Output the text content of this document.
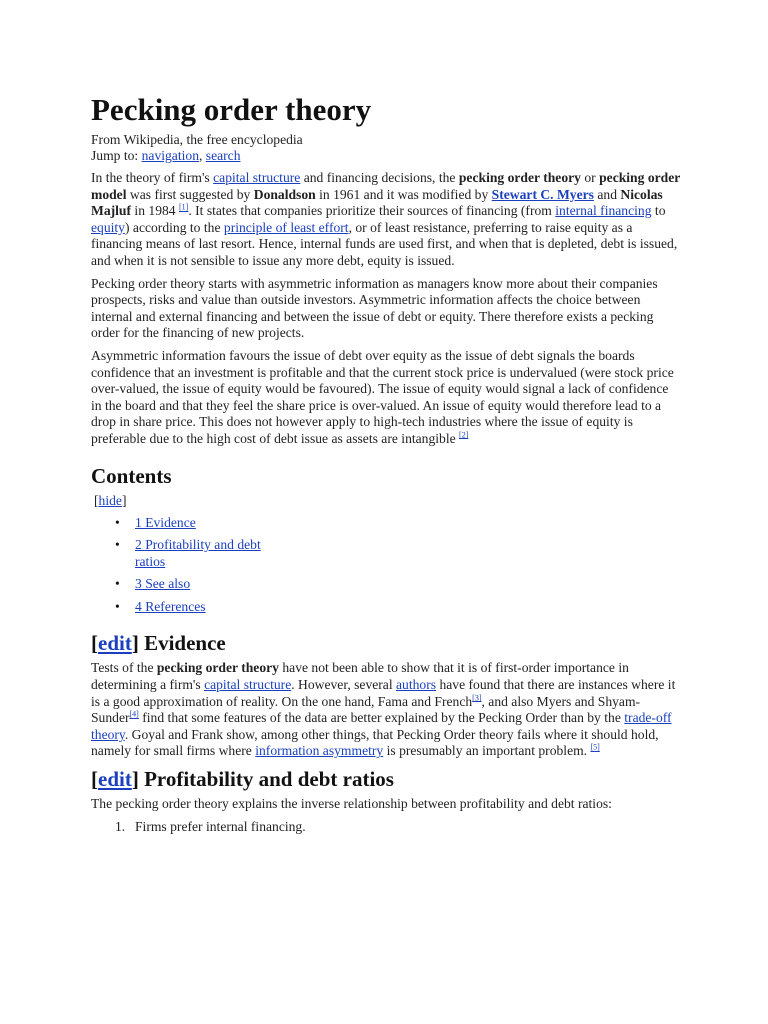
Pecking order theory
From Wikipedia, the free encyclopedia
Jump to: navigation, search

In the theory of firm's capital structure and financing decisions, the pecking order theory or pecking order model was first suggested by Donaldson in 1961 and it was modified by Stewart C. Myers and Nicolas Majluf in 1984 [1]. It states that companies prioritize their sources of financing (from internal financing to equity) according to the principle of least effort, or of least resistance, preferring to raise equity as a financing means of last resort. Hence, internal funds are used first, and when that is depleted, debt is issued, and when it is not sensible to issue any more debt, equity is issued.

Pecking order theory starts with asymmetric information as managers know more about their companies prospects, risks and value than outside investors. Asymmetric information affects the choice between internal and external financing and between the issue of debt or equity. There therefore exists a pecking order for the financing of new projects.

Asymmetric information favours the issue of debt over equity as the issue of debt signals the boards confidence that an investment is profitable and that the current stock price is undervalued (were stock price over-valued, the issue of equity would be favoured). The issue of equity would signal a lack of confidence in the board and that they feel the share price is over-valued. An issue of equity would therefore lead to a drop in share price. This does not however apply to high-tech industries where the issue of equity is preferable due to the high cost of debt issue as assets are intangible [2]

Contents
[hide]
• 1 Evidence
• 2 Profitability and debt ratios
• 3 See also
• 4 References
[edit] Evidence

Tests of the pecking order theory have not been able to show that it is of first-order importance in determining a firm's capital structure. However, several authors have found that there are instances where it is a good approximation of reality. On the one hand, Fama and French[3], and also Myers and Shyam-Sunder[4] find that some features of the data are better explained by the Pecking Order than by the trade-off theory. Goyal and Frank show, among other things, that Pecking Order theory fails where it should hold, namely for small firms where information asymmetry is presumably an important problem. [5]

[edit] Profitability and debt ratios

The pecking order theory explains the inverse relationship between profitability and debt ratios:

1. Firms prefer internal financing.
